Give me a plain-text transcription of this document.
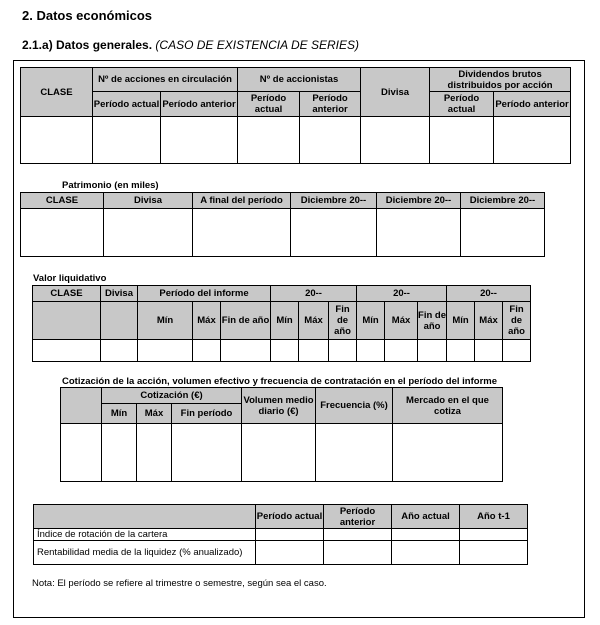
2. Datos económicos
2.1.a) Datos generales. (CASO DE EXISTENCIA DE SERIES)
CLASE	Nº de acciones en circulación		Nº de accionistas		Divisa	Dividendos brutos distribuidos por acción	
	Período actual	Período anterior	Período actual	Período anterior		Período actual	Período anterior

Patrimonio (en miles)
CLASE	Divisa	A final del período	Diciembre 20--	Diciembre 20--	Diciembre 20--

Valor liquidativo
CLASE	Divisa	Período del informe			20--			20--			20--		
		Mín	Máx	Fin de año	Mín	Máx	Fin de año	Mín	Máx	Fin de año	Mín	Máx	Fin de año

Cotización de la acción, volumen efectivo y frecuencia de contratación en el período del informe
	Cotización (€)			Volumen medio diario (€)	Frecuencia (%)	Mercado en el que cotiza
	Mín	Máx	Fin período			

	Período actual	Período anterior	Año actual	Año t-1
Índice de rotación de la cartera				
Rentabilidad media de la liquidez (% anualizado)				
Nota: El período se refiere al trimestre o semestre, según sea el caso.
